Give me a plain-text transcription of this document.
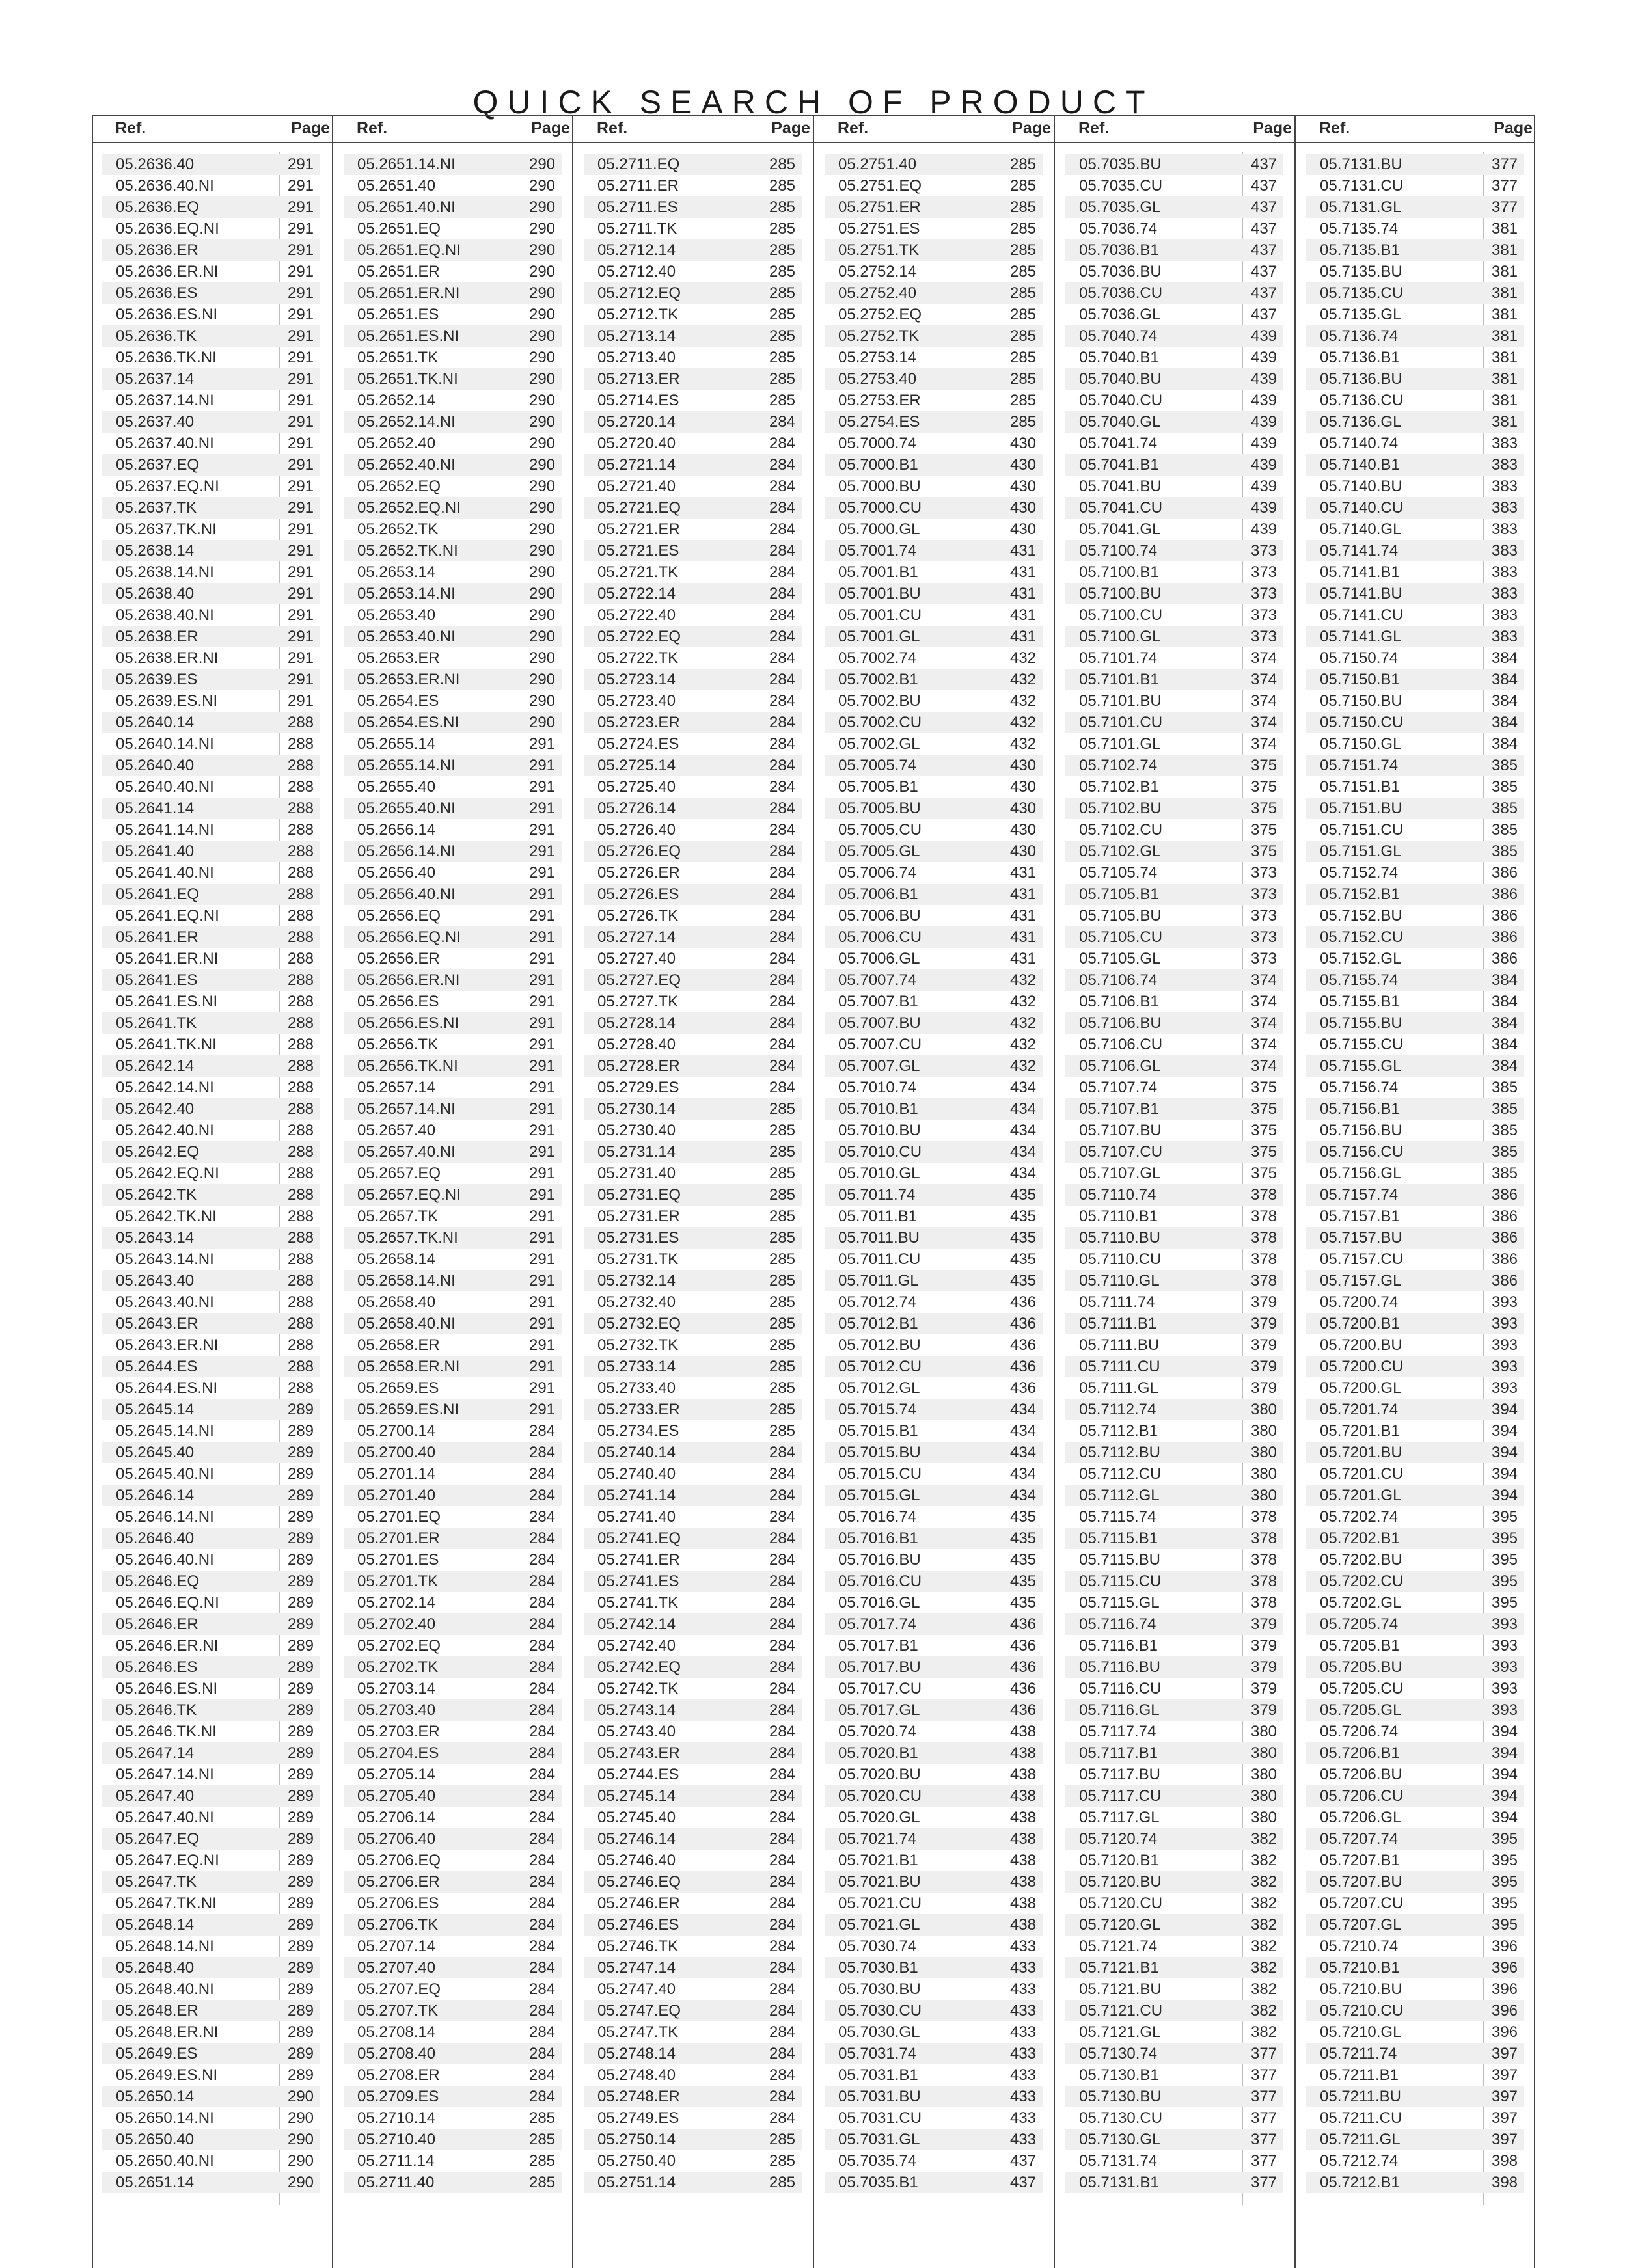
QUICK SEARCH OF PRODUCT
Ref.	Page
05.2636.40	291
05.2636.40.NI	291
05.2636.EQ	291
05.2636.EQ.NI	291
05.2636.ER	291
05.2636.ER.NI	291
05.2636.ES	291
05.2636.ES.NI	291
05.2636.TK	291
05.2636.TK.NI	291
05.2637.14	291
05.2637.14.NI	291
05.2637.40	291
05.2637.40.NI	291
05.2637.EQ	291
05.2637.EQ.NI	291
05.2637.TK	291
05.2637.TK.NI	291
05.2638.14	291
05.2638.14.NI	291
05.2638.40	291
05.2638.40.NI	291
05.2638.ER	291
05.2638.ER.NI	291
05.2639.ES	291
05.2639.ES.NI	291
05.2640.14	288
05.2640.14.NI	288
05.2640.40	288
05.2640.40.NI	288
05.2641.14	288
05.2641.14.NI	288
05.2641.40	288
05.2641.40.NI	288
05.2641.EQ	288
05.2641.EQ.NI	288
05.2641.ER	288
05.2641.ER.NI	288
05.2641.ES	288
05.2641.ES.NI	288
05.2641.TK	288
05.2641.TK.NI	288
05.2642.14	288
05.2642.14.NI	288
05.2642.40	288
05.2642.40.NI	288
05.2642.EQ	288
05.2642.EQ.NI	288
05.2642.TK	288
05.2642.TK.NI	288
05.2643.14	288
05.2643.14.NI	288
05.2643.40	288
05.2643.40.NI	288
05.2643.ER	288
05.2643.ER.NI	288
05.2644.ES	288
05.2644.ES.NI	288
05.2645.14	289
05.2645.14.NI	289
05.2645.40	289
05.2645.40.NI	289
05.2646.14	289
05.2646.14.NI	289
05.2646.40	289
05.2646.40.NI	289
05.2646.EQ	289
05.2646.EQ.NI	289
05.2646.ER	289
05.2646.ER.NI	289
05.2646.ES	289
05.2646.ES.NI	289
05.2646.TK	289
05.2646.TK.NI	289
05.2647.14	289
05.2647.14.NI	289
05.2647.40	289
05.2647.40.NI	289
05.2647.EQ	289
05.2647.EQ.NI	289
05.2647.TK	289
05.2647.TK.NI	289
05.2648.14	289
05.2648.14.NI	289
05.2648.40	289
05.2648.40.NI	289
05.2648.ER	289
05.2648.ER.NI	289
05.2649.ES	289
05.2649.ES.NI	289
05.2650.14	290
05.2650.14.NI	290
05.2650.40	290
05.2650.40.NI	290
05.2651.14	290
Ref.	Page
05.2651.14.NI	290
05.2651.40	290
05.2651.40.NI	290
05.2651.EQ	290
05.2651.EQ.NI	290
05.2651.ER	290
05.2651.ER.NI	290
05.2651.ES	290
05.2651.ES.NI	290
05.2651.TK	290
05.2651.TK.NI	290
05.2652.14	290
05.2652.14.NI	290
05.2652.40	290
05.2652.40.NI	290
05.2652.EQ	290
05.2652.EQ.NI	290
05.2652.TK	290
05.2652.TK.NI	290
05.2653.14	290
05.2653.14.NI	290
05.2653.40	290
05.2653.40.NI	290
05.2653.ER	290
05.2653.ER.NI	290
05.2654.ES	290
05.2654.ES.NI	290
05.2655.14	291
05.2655.14.NI	291
05.2655.40	291
05.2655.40.NI	291
05.2656.14	291
05.2656.14.NI	291
05.2656.40	291
05.2656.40.NI	291
05.2656.EQ	291
05.2656.EQ.NI	291
05.2656.ER	291
05.2656.ER.NI	291
05.2656.ES	291
05.2656.ES.NI	291
05.2656.TK	291
05.2656.TK.NI	291
05.2657.14	291
05.2657.14.NI	291
05.2657.40	291
05.2657.40.NI	291
05.2657.EQ	291
05.2657.EQ.NI	291
05.2657.TK	291
05.2657.TK.NI	291
05.2658.14	291
05.2658.14.NI	291
05.2658.40	291
05.2658.40.NI	291
05.2658.ER	291
05.2658.ER.NI	291
05.2659.ES	291
05.2659.ES.NI	291
05.2700.14	284
05.2700.40	284
05.2701.14	284
05.2701.40	284
05.2701.EQ	284
05.2701.ER	284
05.2701.ES	284
05.2701.TK	284
05.2702.14	284
05.2702.40	284
05.2702.EQ	284
05.2702.TK	284
05.2703.14	284
05.2703.40	284
05.2703.ER	284
05.2704.ES	284
05.2705.14	284
05.2705.40	284
05.2706.14	284
05.2706.40	284
05.2706.EQ	284
05.2706.ER	284
05.2706.ES	284
05.2706.TK	284
05.2707.14	284
05.2707.40	284
05.2707.EQ	284
05.2707.TK	284
05.2708.14	284
05.2708.40	284
05.2708.ER	284
05.2709.ES	284
05.2710.14	285
05.2710.40	285
05.2711.14	285
05.2711.40	285
Ref.	Page
05.2711.EQ	285
05.2711.ER	285
05.2711.ES	285
05.2711.TK	285
05.2712.14	285
05.2712.40	285
05.2712.EQ	285
05.2712.TK	285
05.2713.14	285
05.2713.40	285
05.2713.ER	285
05.2714.ES	285
05.2720.14	284
05.2720.40	284
05.2721.14	284
05.2721.40	284
05.2721.EQ	284
05.2721.ER	284
05.2721.ES	284
05.2721.TK	284
05.2722.14	284
05.2722.40	284
05.2722.EQ	284
05.2722.TK	284
05.2723.14	284
05.2723.40	284
05.2723.ER	284
05.2724.ES	284
05.2725.14	284
05.2725.40	284
05.2726.14	284
05.2726.40	284
05.2726.EQ	284
05.2726.ER	284
05.2726.ES	284
05.2726.TK	284
05.2727.14	284
05.2727.40	284
05.2727.EQ	284
05.2727.TK	284
05.2728.14	284
05.2728.40	284
05.2728.ER	284
05.2729.ES	284
05.2730.14	285
05.2730.40	285
05.2731.14	285
05.2731.40	285
05.2731.EQ	285
05.2731.ER	285
05.2731.ES	285
05.2731.TK	285
05.2732.14	285
05.2732.40	285
05.2732.EQ	285
05.2732.TK	285
05.2733.14	285
05.2733.40	285
05.2733.ER	285
05.2734.ES	285
05.2740.14	284
05.2740.40	284
05.2741.14	284
05.2741.40	284
05.2741.EQ	284
05.2741.ER	284
05.2741.ES	284
05.2741.TK	284
05.2742.14	284
05.2742.40	284
05.2742.EQ	284
05.2742.TK	284
05.2743.14	284
05.2743.40	284
05.2743.ER	284
05.2744.ES	284
05.2745.14	284
05.2745.40	284
05.2746.14	284
05.2746.40	284
05.2746.EQ	284
05.2746.ER	284
05.2746.ES	284
05.2746.TK	284
05.2747.14	284
05.2747.40	284
05.2747.EQ	284
05.2747.TK	284
05.2748.14	284
05.2748.40	284
05.2748.ER	284
05.2749.ES	284
05.2750.14	285
05.2750.40	285
05.2751.14	285
Ref.	Page
05.2751.40	285
05.2751.EQ	285
05.2751.ER	285
05.2751.ES	285
05.2751.TK	285
05.2752.14	285
05.2752.40	285
05.2752.EQ	285
05.2752.TK	285
05.2753.14	285
05.2753.40	285
05.2753.ER	285
05.2754.ES	285
05.7000.74	430
05.7000.B1	430
05.7000.BU	430
05.7000.CU	430
05.7000.GL	430
05.7001.74	431
05.7001.B1	431
05.7001.BU	431
05.7001.CU	431
05.7001.GL	431
05.7002.74	432
05.7002.B1	432
05.7002.BU	432
05.7002.CU	432
05.7002.GL	432
05.7005.74	430
05.7005.B1	430
05.7005.BU	430
05.7005.CU	430
05.7005.GL	430
05.7006.74	431
05.7006.B1	431
05.7006.BU	431
05.7006.CU	431
05.7006.GL	431
05.7007.74	432
05.7007.B1	432
05.7007.BU	432
05.7007.CU	432
05.7007.GL	432
05.7010.74	434
05.7010.B1	434
05.7010.BU	434
05.7010.CU	434
05.7010.GL	434
05.7011.74	435
05.7011.B1	435
05.7011.BU	435
05.7011.CU	435
05.7011.GL	435
05.7012.74	436
05.7012.B1	436
05.7012.BU	436
05.7012.CU	436
05.7012.GL	436
05.7015.74	434
05.7015.B1	434
05.7015.BU	434
05.7015.CU	434
05.7015.GL	434
05.7016.74	435
05.7016.B1	435
05.7016.BU	435
05.7016.CU	435
05.7016.GL	435
05.7017.74	436
05.7017.B1	436
05.7017.BU	436
05.7017.CU	436
05.7017.GL	436
05.7020.74	438
05.7020.B1	438
05.7020.BU	438
05.7020.CU	438
05.7020.GL	438
05.7021.74	438
05.7021.B1	438
05.7021.BU	438
05.7021.CU	438
05.7021.GL	438
05.7030.74	433
05.7030.B1	433
05.7030.BU	433
05.7030.CU	433
05.7030.GL	433
05.7031.74	433
05.7031.B1	433
05.7031.BU	433
05.7031.CU	433
05.7031.GL	433
05.7035.74	437
05.7035.B1	437
Ref.	Page
05.7035.BU	437
05.7035.CU	437
05.7035.GL	437
05.7036.74	437
05.7036.B1	437
05.7036.BU	437
05.7036.CU	437
05.7036.GL	437
05.7040.74	439
05.7040.B1	439
05.7040.BU	439
05.7040.CU	439
05.7040.GL	439
05.7041.74	439
05.7041.B1	439
05.7041.BU	439
05.7041.CU	439
05.7041.GL	439
05.7100.74	373
05.7100.B1	373
05.7100.BU	373
05.7100.CU	373
05.7100.GL	373
05.7101.74	374
05.7101.B1	374
05.7101.BU	374
05.7101.CU	374
05.7101.GL	374
05.7102.74	375
05.7102.B1	375
05.7102.BU	375
05.7102.CU	375
05.7102.GL	375
05.7105.74	373
05.7105.B1	373
05.7105.BU	373
05.7105.CU	373
05.7105.GL	373
05.7106.74	374
05.7106.B1	374
05.7106.BU	374
05.7106.CU	374
05.7106.GL	374
05.7107.74	375
05.7107.B1	375
05.7107.BU	375
05.7107.CU	375
05.7107.GL	375
05.7110.74	378
05.7110.B1	378
05.7110.BU	378
05.7110.CU	378
05.7110.GL	378
05.7111.74	379
05.7111.B1	379
05.7111.BU	379
05.7111.CU	379
05.7111.GL	379
05.7112.74	380
05.7112.B1	380
05.7112.BU	380
05.7112.CU	380
05.7112.GL	380
05.7115.74	378
05.7115.B1	378
05.7115.BU	378
05.7115.CU	378
05.7115.GL	378
05.7116.74	379
05.7116.B1	379
05.7116.BU	379
05.7116.CU	379
05.7116.GL	379
05.7117.74	380
05.7117.B1	380
05.7117.BU	380
05.7117.CU	380
05.7117.GL	380
05.7120.74	382
05.7120.B1	382
05.7120.BU	382
05.7120.CU	382
05.7120.GL	382
05.7121.74	382
05.7121.B1	382
05.7121.BU	382
05.7121.CU	382
05.7121.GL	382
05.7130.74	377
05.7130.B1	377
05.7130.BU	377
05.7130.CU	377
05.7130.GL	377
05.7131.74	377
05.7131.B1	377
Ref.	Page
05.7131.BU	377
05.7131.CU	377
05.7131.GL	377
05.7135.74	381
05.7135.B1	381
05.7135.BU	381
05.7135.CU	381
05.7135.GL	381
05.7136.74	381
05.7136.B1	381
05.7136.BU	381
05.7136.CU	381
05.7136.GL	381
05.7140.74	383
05.7140.B1	383
05.7140.BU	383
05.7140.CU	383
05.7140.GL	383
05.7141.74	383
05.7141.B1	383
05.7141.BU	383
05.7141.CU	383
05.7141.GL	383
05.7150.74	384
05.7150.B1	384
05.7150.BU	384
05.7150.CU	384
05.7150.GL	384
05.7151.74	385
05.7151.B1	385
05.7151.BU	385
05.7151.CU	385
05.7151.GL	385
05.7152.74	386
05.7152.B1	386
05.7152.BU	386
05.7152.CU	386
05.7152.GL	386
05.7155.74	384
05.7155.B1	384
05.7155.BU	384
05.7155.CU	384
05.7155.GL	384
05.7156.74	385
05.7156.B1	385
05.7156.BU	385
05.7156.CU	385
05.7156.GL	385
05.7157.74	386
05.7157.B1	386
05.7157.BU	386
05.7157.CU	386
05.7157.GL	386
05.7200.74	393
05.7200.B1	393
05.7200.BU	393
05.7200.CU	393
05.7200.GL	393
05.7201.74	394
05.7201.B1	394
05.7201.BU	394
05.7201.CU	394
05.7201.GL	394
05.7202.74	395
05.7202.B1	395
05.7202.BU	395
05.7202.CU	395
05.7202.GL	395
05.7205.74	393
05.7205.B1	393
05.7205.BU	393
05.7205.CU	393
05.7205.GL	393
05.7206.74	394
05.7206.B1	394
05.7206.BU	394
05.7206.CU	394
05.7206.GL	394
05.7207.74	395
05.7207.B1	395
05.7207.BU	395
05.7207.CU	395
05.7207.GL	395
05.7210.74	396
05.7210.B1	396
05.7210.BU	396
05.7210.CU	396
05.7210.GL	396
05.7211.74	397
05.7211.B1	397
05.7211.BU	397
05.7211.CU	397
05.7211.GL	397
05.7212.74	398
05.7212.B1	398
